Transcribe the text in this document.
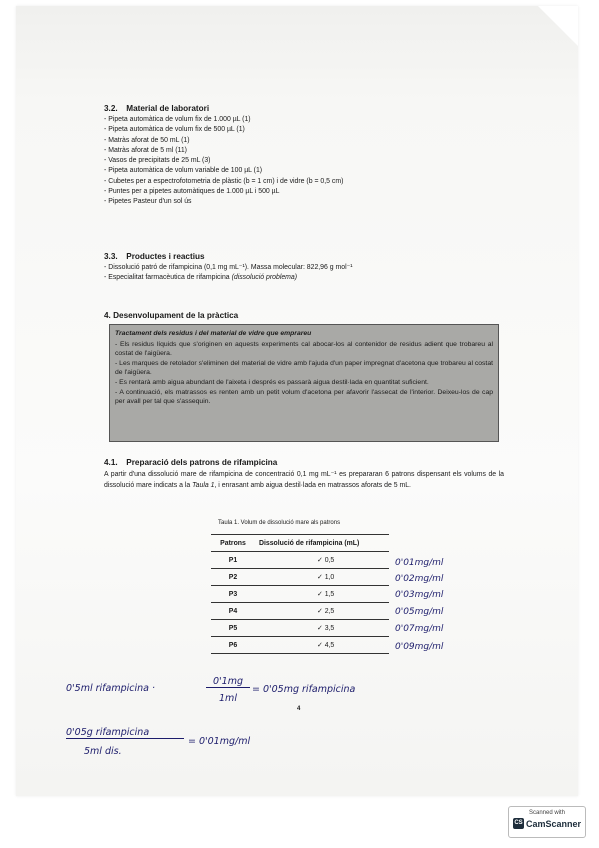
3.2. Material de laboratori

- Pipeta automàtica de volum fix de 1.000 µL (1)
- Pipeta automàtica de volum fix de 500 µL (1)
- Matràs aforat de 50 mL (1)
- Matràs aforat de 5 ml (11)
- Vasos de precipitats de 25 mL (3)
- Pipeta automàtica de volum variable de 100 µL (1)
- Cubetes per a espectrofotometria de plàstic (b = 1 cm) i de vidre (b = 0,5 cm)
- Puntes per a pipetes automàtiques de 1.000 µL i 500 µL
- Pipetes Pasteur d'un sol ús

3.3. Productes i reactius

- Dissolució patró de rifampicina (0,1 mg mL⁻¹). Massa molecular: 822,96 g mol⁻¹
- Especialitat farmacèutica de rifampicina (dissolució problema)

4. Desenvolupament de la pràctica

Tractament dels residus i del material de vidre que emprareu

- Els residus líquids que s'originen en aquests experiments cal abocar-los al contenidor de residus adient que trobareu al costat de l'aigüera.

- Les marques de retolador s'eliminen del material de vidre amb l'ajuda d'un paper impregnat d'acetona que trobareu al costat de l'aigüera.

- Es rentarà amb aigua abundant de l'aixeta i després es passarà aigua destil·lada en quantitat suficient.

- A continuació, els matrassos es renten amb un petit volum d'acetona per afavorir l'assecat de l'interior. Deixeu-los de cap per avall per tal que s'assequin.

4.1. Preparació dels patrons de rifampicina

A partir d'una dissolució mare de rifampicina de concentració 0,1 mg mL⁻¹ es prepararan 6 patrons dispensant els volums de la dissolució mare indicats a la Taula 1, i enrasant amb aigua destil·lada en matrassos aforats de 5 mL.
Taula 1. Volum de dissolució mare als patrons
Patrons	Dissolució de rifampicina (mL)
P1	✓ 0,5
P2	✓ 1,0
P3	✓ 1,5
P4	✓ 2,5
P5	✓ 3,5
P6	✓ 4,5
0'01mg/ml
0'02mg/ml
0'03mg/ml
0'05mg/ml
0'07mg/ml
0'09mg/ml
0'5ml rifampicina ·
0'1mg
1ml
= 0'05mg rifampicina
4
0'05g rifampicina
5ml dis.
= 0'01mg/ml
Scanned with
CS CamScanner
